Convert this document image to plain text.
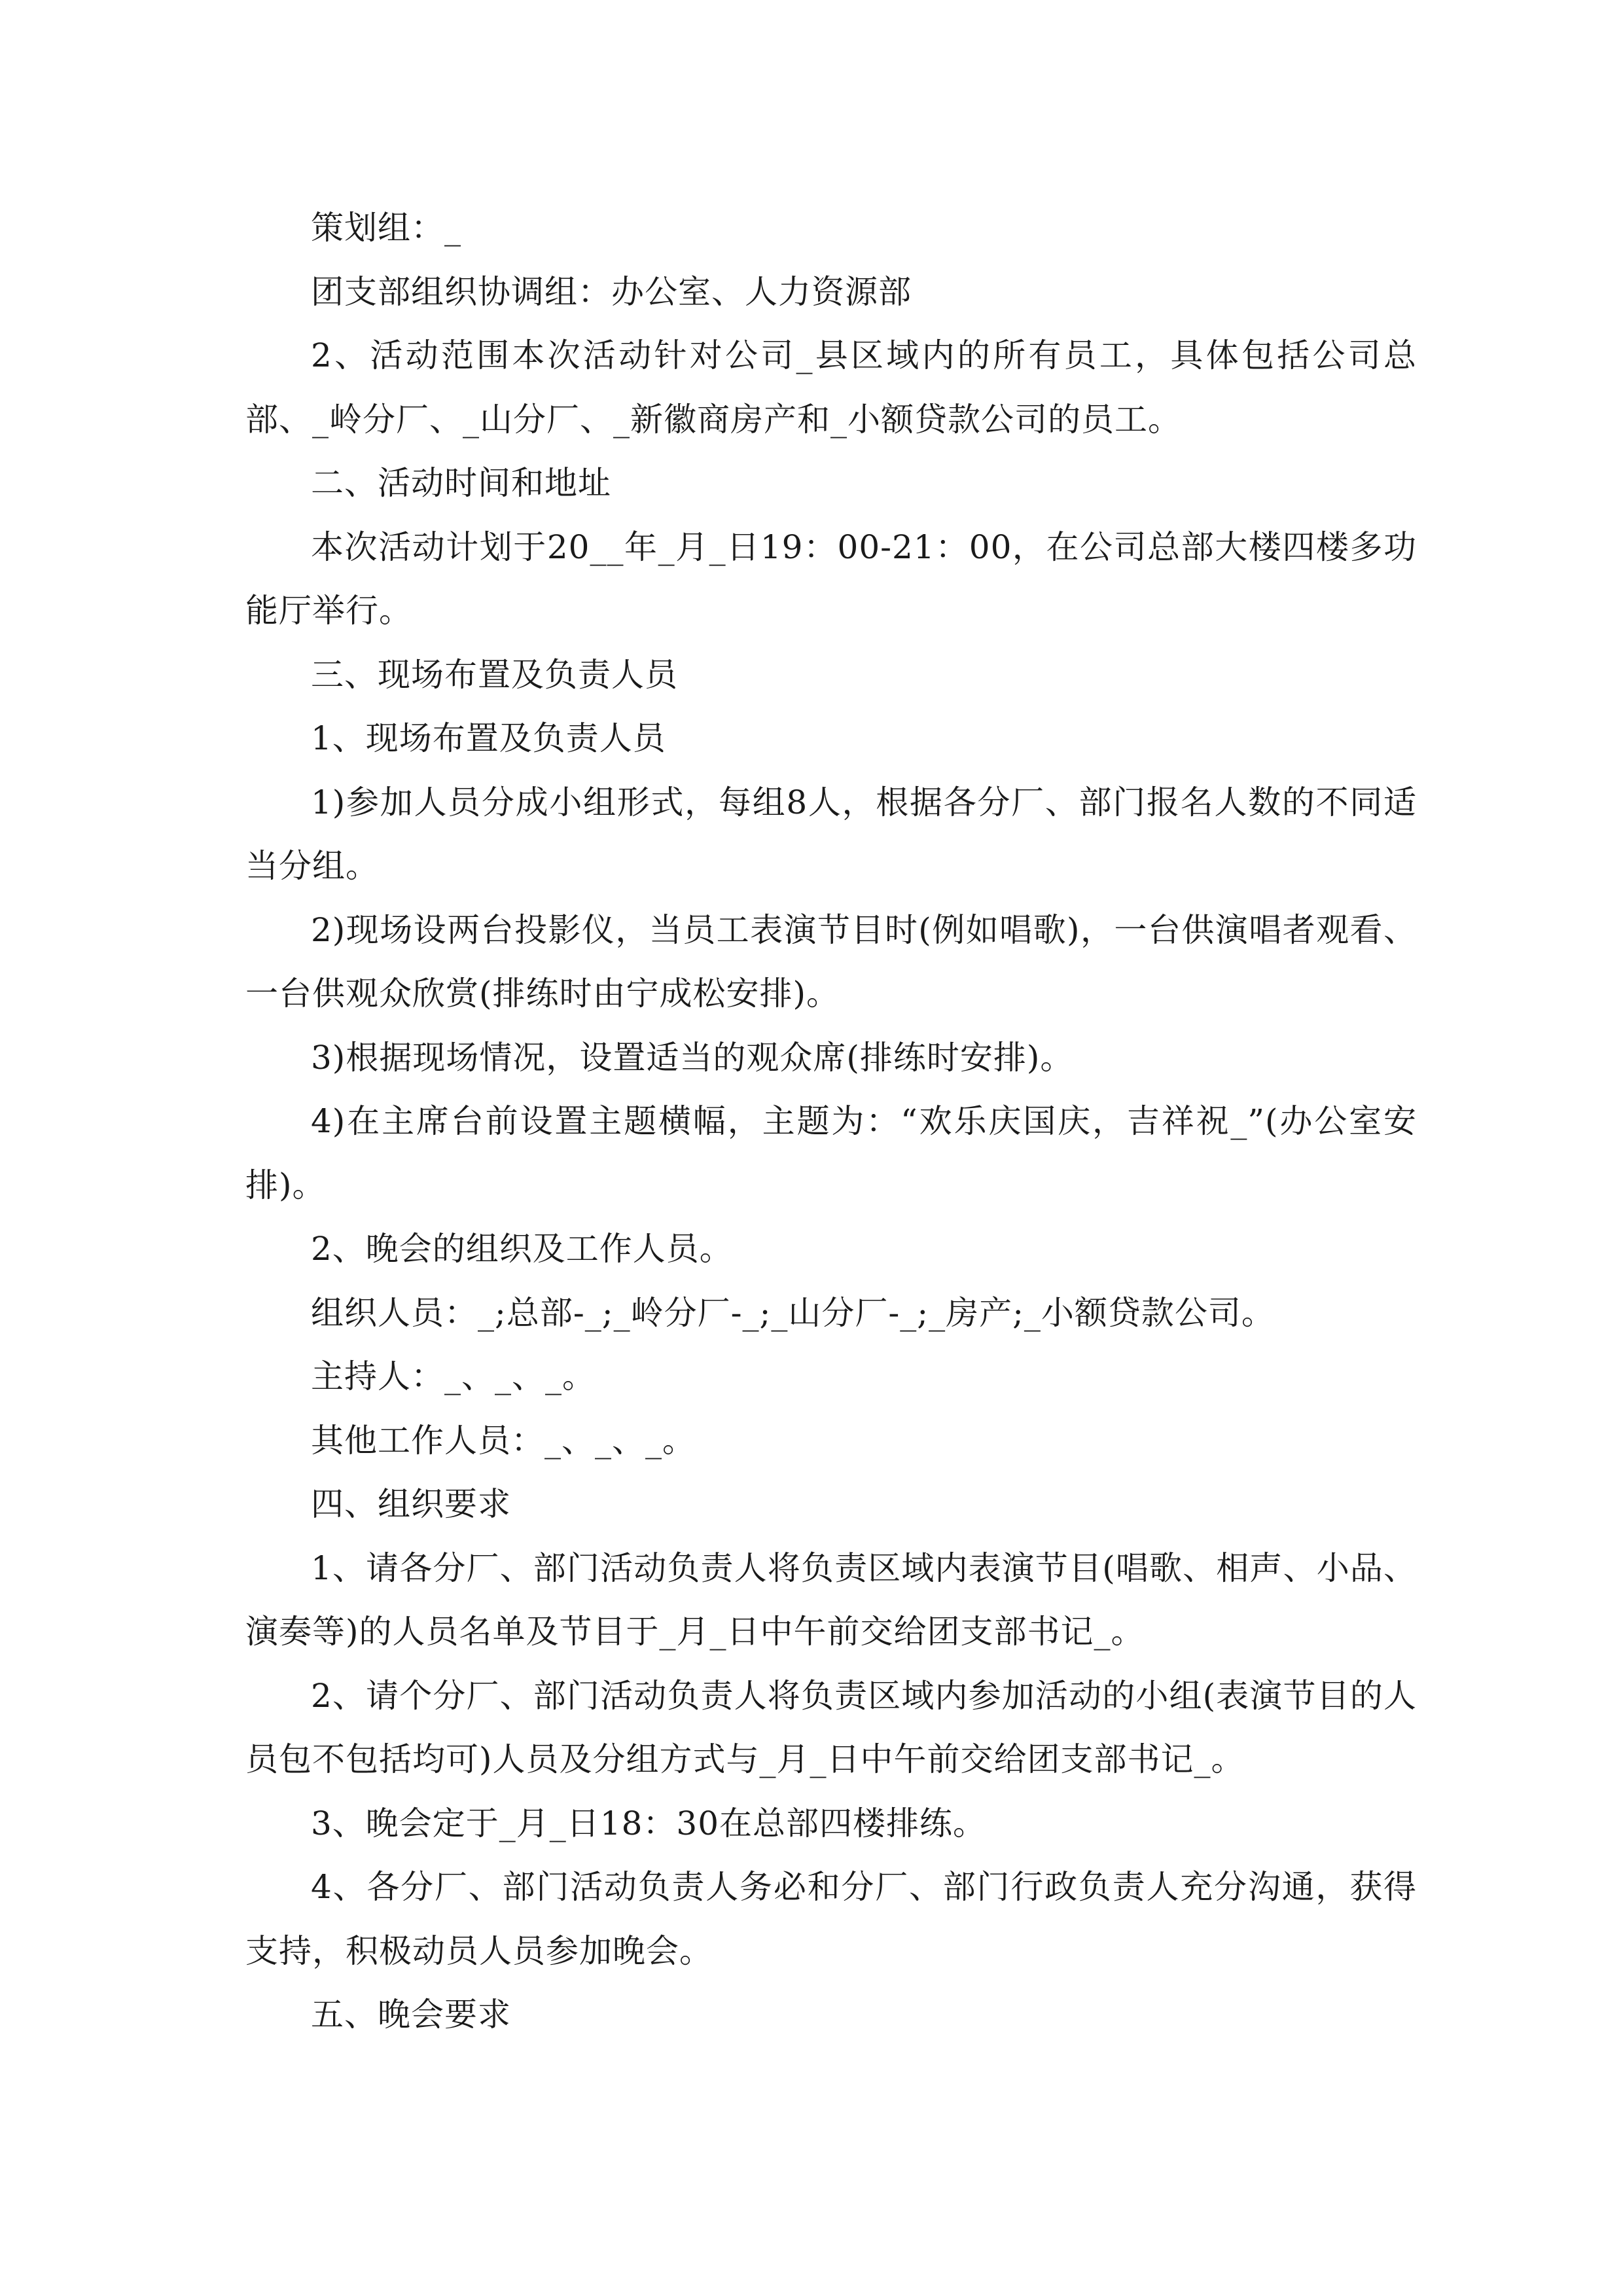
策划组：_

团支部组织协调组：办公室、人力资源部

2、活动范围本次活动针对公司_县区域内的所有员工，具体包括公司总部、_岭分厂、_山分厂、_新徽商房产和_小额贷款公司的员工。

二、活动时间和地址

本次活动计划于20__年_月_日19：00-21：00，在公司总部大楼四楼多功能厅举行。

三、现场布置及负责人员

1、现场布置及负责人员

1)参加人员分成小组形式，每组8人，根据各分厂、部门报名人数的不同适当分组。

2)现场设两台投影仪，当员工表演节目时(例如唱歌)，一台供演唱者观看、一台供观众欣赏(排练时由宁成松安排)。

3)根据现场情况，设置适当的观众席(排练时安排)。

4)在主席台前设置主题横幅，主题为：“欢乐庆国庆，吉祥祝_”(办公室安排)。

2、晚会的组织及工作人员。

组织人员：_;总部-_;_岭分厂-_;_山分厂-_;_房产;_小额贷款公司。

主持人：_、_、_。

其他工作人员：_、_、_。

四、组织要求

1、请各分厂、部门活动负责人将负责区域内表演节目(唱歌、相声、小品、演奏等)的人员名单及节目于_月_日中午前交给团支部书记_。

2、请个分厂、部门活动负责人将负责区域内参加活动的小组(表演节目的人员包不包括均可)人员及分组方式与_月_日中午前交给团支部书记_。

3、晚会定于_月_日18：30在总部四楼排练。

4、各分厂、部门活动负责人务必和分厂、部门行政负责人充分沟通，获得支持，积极动员人员参加晚会。

五、晚会要求
